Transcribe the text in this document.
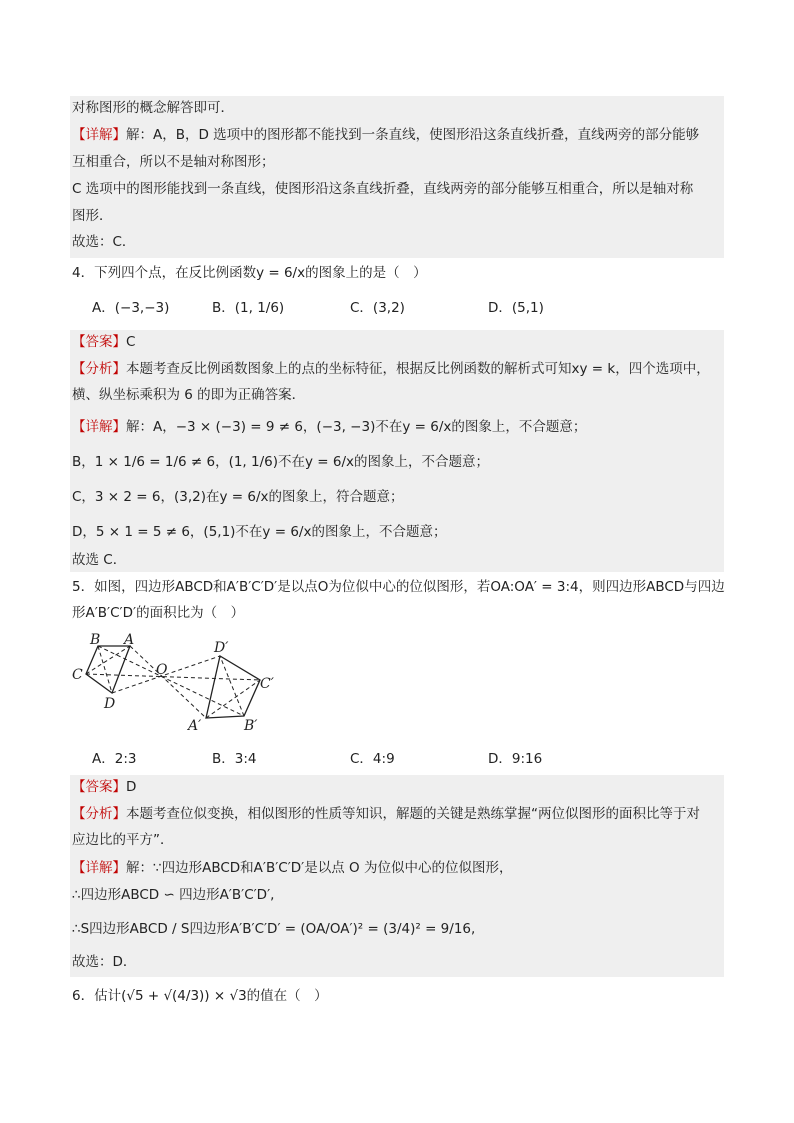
对称图形的概念解答即可．
【详解】解：A，B，D 选项中的图形都不能找到一条直线，使图形沿这条直线折叠，直线两旁的部分能够
互相重合，所以不是轴对称图形；
C 选项中的图形能找到一条直线，使图形沿这条直线折叠，直线两旁的部分能够互相重合，所以是轴对称
图形．
故选：C．
4．下列四个点，在反比例函数y = 6/x的图象上的是（　）
A．(−3,−3)	B．(1, 1/6)	C．(3,2)	D．(5,1)
【答案】C
【分析】本题考查反比例函数图象上的点的坐标特征，根据反比例函数的解析式可知xy = k，四个选项中，
横、纵坐标乘积为 6 的即为正确答案．
【详解】解：A，−3 × (−3) = 9 ≠ 6，(−3, −3)不在y = 6/x的图象上，不合题意；
B，1 × 1/6 = 1/6 ≠ 6，(1, 1/6)不在y = 6/x的图象上，不合题意；
C，3 × 2 = 6，(3,2)在y = 6/x的图象上，符合题意；
D，5 × 1 = 5 ≠ 6，(5,1)不在y = 6/x的图象上，不合题意；
故选 C．
5．如图，四边形ABCD和A′B′C′D′是以点O为位似中心的位似图形，若OA:OA′ = 3:4，则四边形ABCD与四边
形A′B′C′D′的面积比为（　）
B A
C
D
O
D′
C′
A′	B′
A．2:3	B．3:4	C．4:9	D．9:16
【答案】D
【分析】本题考查位似变换，相似图形的性质等知识，解题的关键是熟练掌握“两位似图形的面积比等于对
应边比的平方”．
【详解】解：∵四边形ABCD和A′B′C′D′是以点 O 为位似中心的位似图形，
∴四边形ABCD ∽ 四边形A′B′C′D′,
∴S四边形ABCD / S四边形A′B′C′D′ = (OA/OA′)² = (3/4)² = 9/16,
故选：D．
6．估计(√5 + √(4/3)) × √3的值在（　）
